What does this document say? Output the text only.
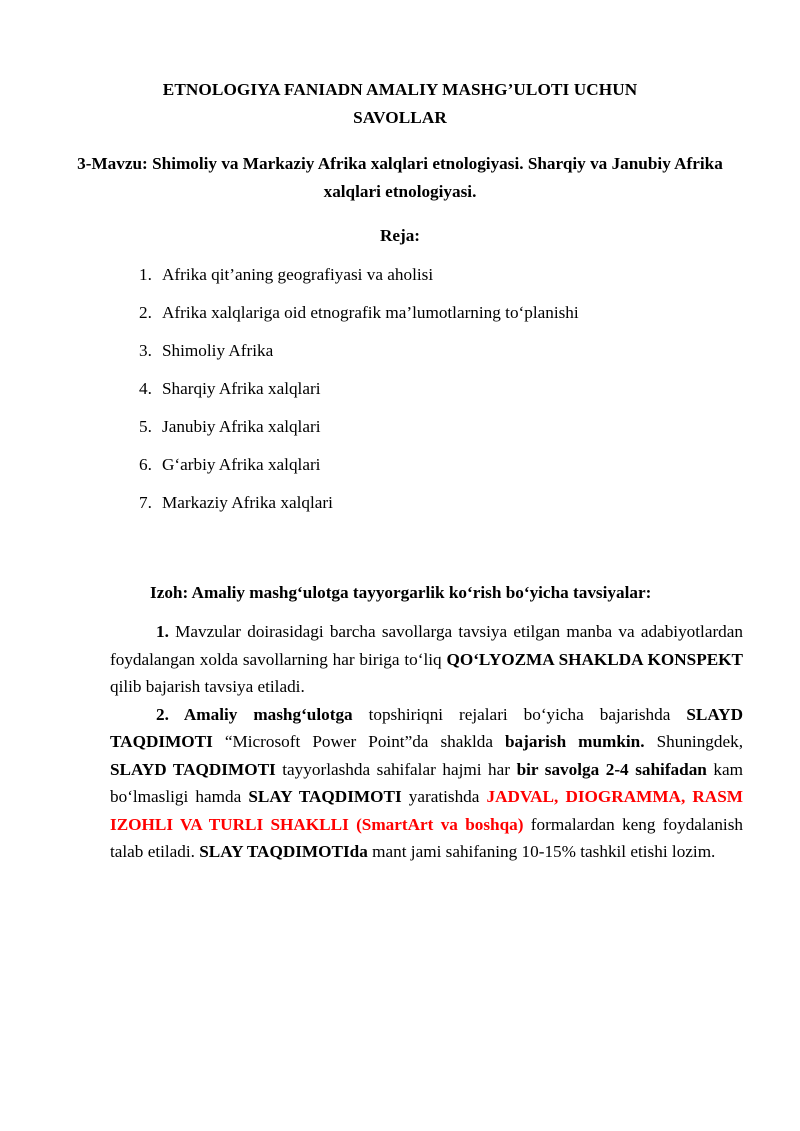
ETNOLOGIYA FANIADN AMALIY MASHG’ULOTI UCHUN
SAVOLLAR
3-Mavzu: Shimoliy va Markaziy Afrika xalqlari etnologiyasi. Sharqiy va Janubiy Afrika xalqlari etnologiyasi.
Reja:
Afrika qit’aning geografiyasi va aholisi
Afrika xalqlariga oid etnografik ma’lumotlarning toʻplanishi
Shimoliy Afrika
Sharqiy Afrika xalqlari
Janubiy Afrika xalqlari
Gʻarbiy Afrika xalqlari
Markaziy Afrika xalqlari
Izoh: Amaliy mashgʻulotga tayyorgarlik koʻrish boʻyicha tavsiyalar:

1. Mavzular doirasidagi barcha savollarga tavsiya etilgan manba va adabiyotlardan foydalangan xolda savollarning har biriga toʻliq QOʻLYOZMA SHAKLDA KONSPEKT qilib bajarish tavsiya etiladi.

2. Amaliy mashgʻulotga topshiriqni rejalari boʻyicha bajarishda SLAYD TAQDIMOTI “Microsoft Power Point”da shaklda bajarish mumkin. Shuningdek, SLAYD TAQDIMOTI tayyorlashda sahifalar hajmi har bir savolga 2-4 sahifadan kam boʻlmasligi hamda SLAY TAQDIMOTI yaratishda JADVAL, DIOGRAMMA, RASM IZOHLI VA TURLI SHAKLLI (SmartArt va boshqa) formalardan keng foydalanish talab etiladi. SLAY TAQDIMOTIda mant jami sahifaning 10-15% tashkil etishi lozim.
